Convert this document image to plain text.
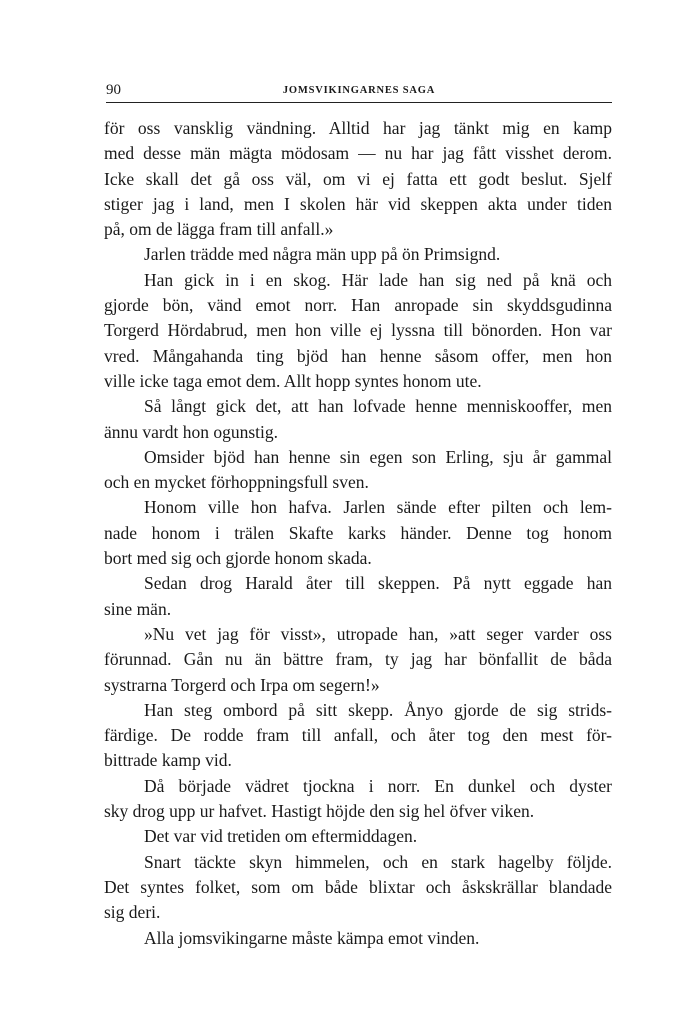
90	JOMSVIKINGARNES SAGA
för oss vansklig vändning. Alltid har jag tänkt mig en kamp
med desse män mägta mödosam — nu har jag fått visshet derom.
Icke skall det gå oss väl, om vi ej fatta ett godt beslut. Sjelf
stiger jag i land, men I skolen här vid skeppen akta under tiden
på, om de lägga fram till anfall.»
Jarlen trädde med några män upp på ön Primsignd.
Han gick in i en skog. Här lade han sig ned på knä och
gjorde bön, vänd emot norr. Han anropade sin skyddsgudinna
Torgerd Hördabrud, men hon ville ej lyssna till bönorden. Hon var
vred. Mångahanda ting bjöd han henne såsom offer, men hon
ville icke taga emot dem. Allt hopp syntes honom ute.
Så långt gick det, att han lofvade henne menniskooffer, men
ännu vardt hon ogunstig.
Omsider bjöd han henne sin egen son Erling, sju år gammal
och en mycket förhoppningsfull sven.
Honom ville hon hafva. Jarlen sände efter pilten och lem-
nade honom i trälen Skafte karks händer. Denne tog honom
bort med sig och gjorde honom skada.
Sedan drog Harald åter till skeppen. På nytt eggade han
sine män.
»Nu vet jag för visst», utropade han, »att seger varder oss
förunnad. Gån nu än bättre fram, ty jag har bönfallit de båda
systrarna Torgerd och Irpa om segern!»
Han steg ombord på sitt skepp. Ånyo gjorde de sig strids-
färdige. De rodde fram till anfall, och åter tog den mest för-
bittrade kamp vid.
Då började vädret tjockna i norr. En dunkel och dyster
sky drog upp ur hafvet. Hastigt höjde den sig hel öfver viken.
Det var vid tretiden om eftermiddagen.
Snart täckte skyn himmelen, och en stark hagelby följde.
Det syntes folket, som om både blixtar och åskskrällar blandade
sig deri.
Alla jomsvikingarne måste kämpa emot vinden.
